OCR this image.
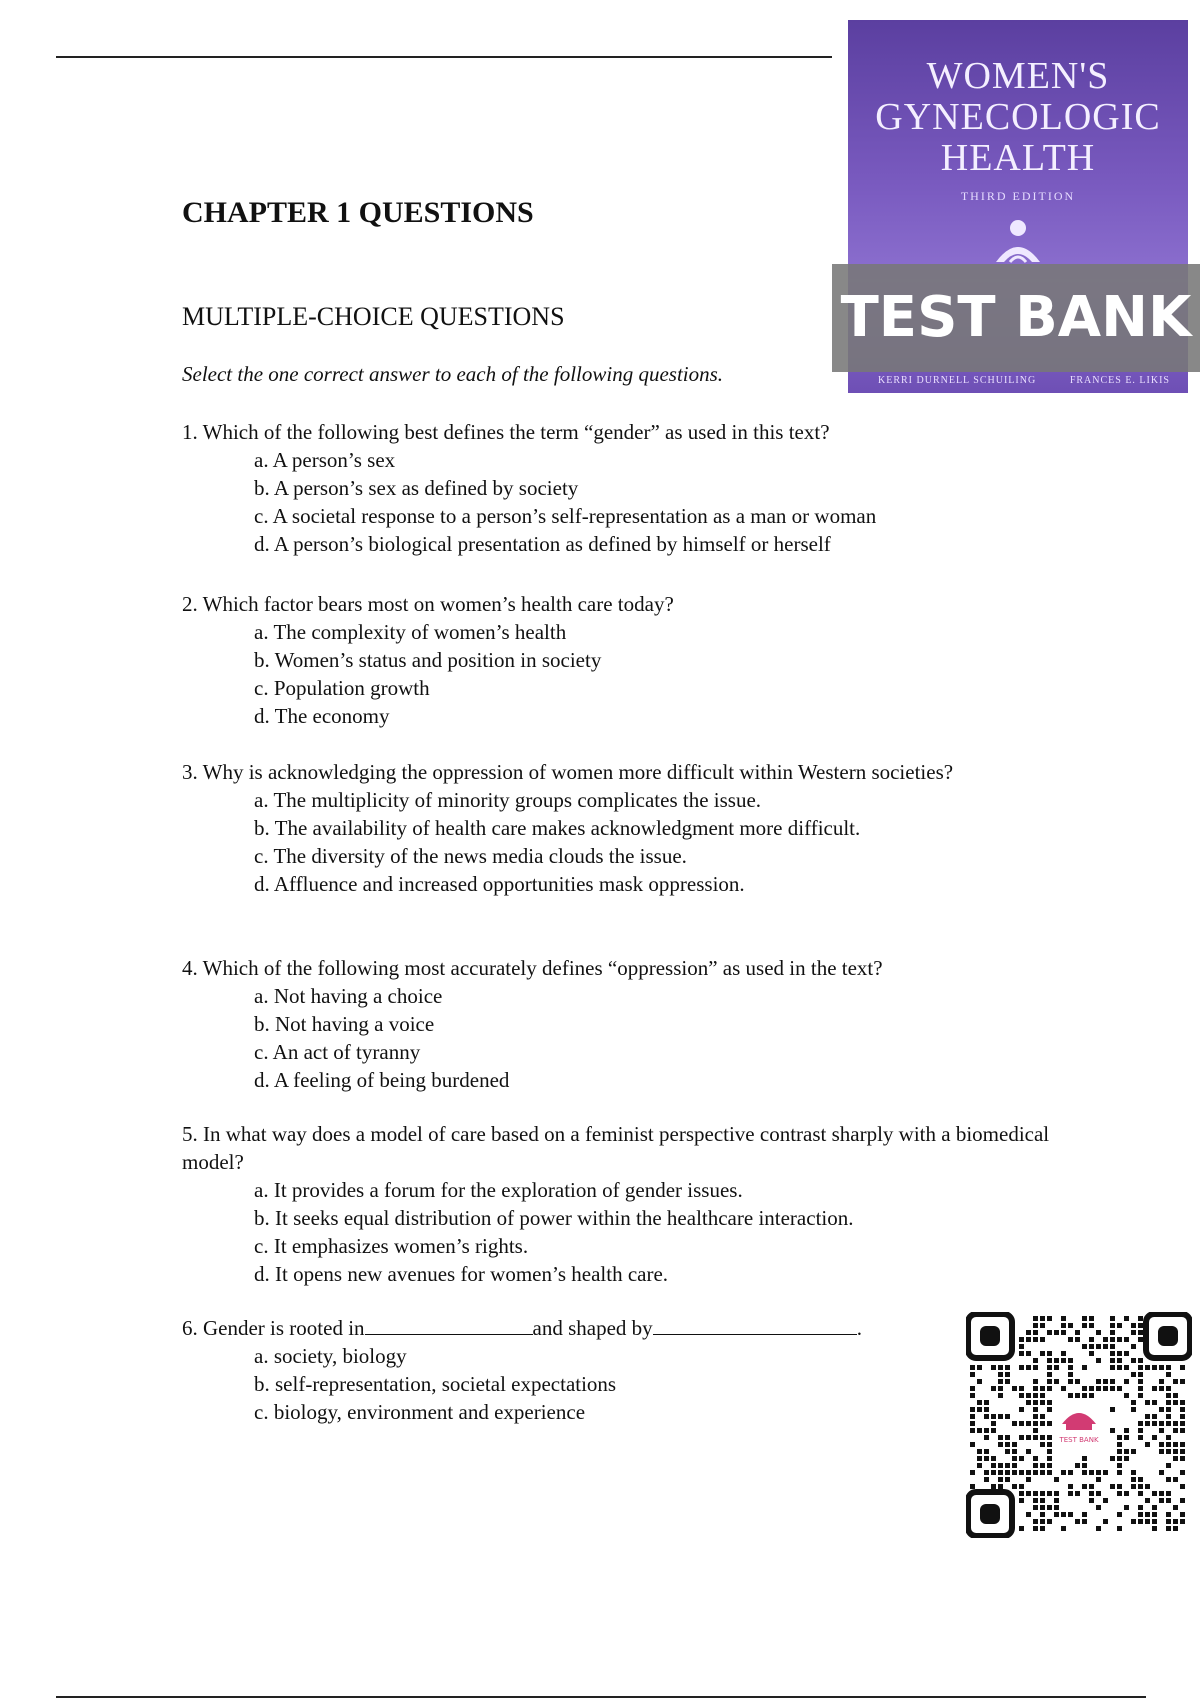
WOMEN'S
GYNECOLOGIC
HEALTH
THIRD EDITION
KERRI DURNELL SCHUILING	FRANCES E. LIKIS
TEST BANK
CHAPTER 1 QUESTIONS
MULTIPLE-CHOICE QUESTIONS
Select the one correct answer to each of the following questions.

1. Which of the following best defines the term “gender” as used in this text?

a. A person’s sex

b. A person’s sex as defined by society

c. A societal response to a person’s self-representation as a man or woman

d. A person’s biological presentation as defined by himself or herself

2. Which factor bears most on women’s health care today?

a. The complexity of women’s health

b. Women’s status and position in society

c. Population growth

d. The economy

3. Why is acknowledging the oppression of women more difficult within Western societies?

a. The multiplicity of minority groups complicates the issue.

b. The availability of health care makes acknowledgment more difficult.

c. The diversity of the news media clouds the issue.

d. Affluence and increased opportunities mask oppression.

4. Which of the following most accurately defines “oppression” as used in the text?

a. Not having a choice

b. Not having a voice

c. An act of tyranny

d. A feeling of being burdened

5. In what way does a model of care based on a feminist perspective contrast sharply with a biomedical model?

a. It provides a forum for the exploration of gender issues.

b. It seeks equal distribution of power within the healthcare interaction.

c. It emphasizes women’s rights.

d. It opens new avenues for women’s health care.

6. Gender is rooted in	and shaped by	.

a. society, biology

b. self-representation, societal expectations

c. biology, environment and experience

TEST BANK
